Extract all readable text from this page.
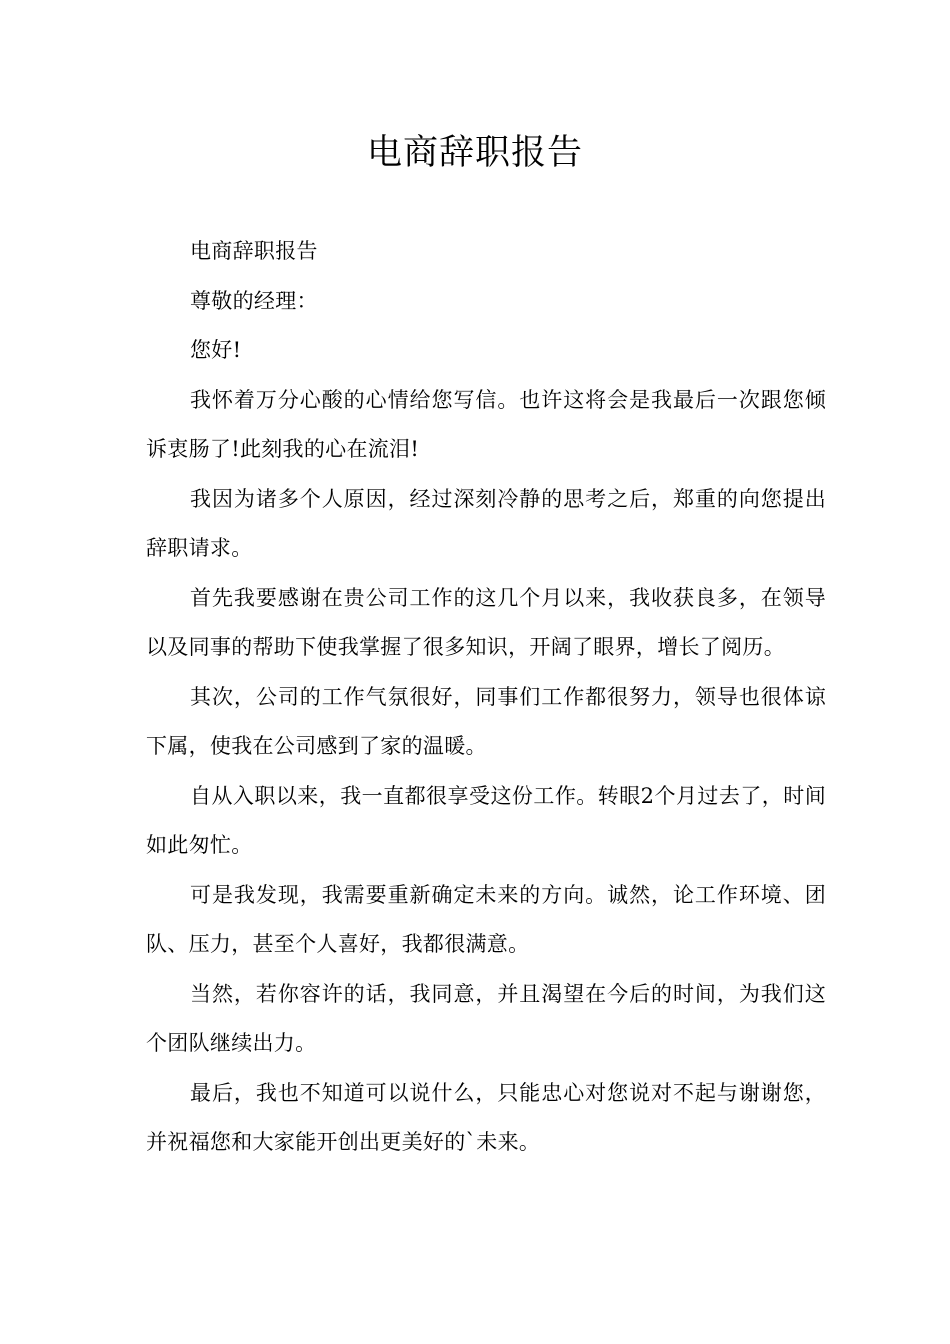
电商辞职报告

电商辞职报告

尊敬的经理：

您好!

我怀着万分心酸的心情给您写信。也许这将会是我最后一次跟您倾诉衷肠了!此刻我的心在流泪!

我因为诸多个人原因，经过深刻冷静的思考之后，郑重的向您提出辞职请求。

首先我要感谢在贵公司工作的这几个月以来，我收获良多，在领导以及同事的帮助下使我掌握了很多知识，开阔了眼界，增长了阅历。

其次，公司的工作气氛很好，同事们工作都很努力，领导也很体谅下属，使我在公司感到了家的温暖。

自从入职以来，我一直都很享受这份工作。转眼2个月过去了，时间如此匆忙。

可是我发现，我需要重新确定未来的方向。诚然，论工作环境、团队、压力，甚至个人喜好，我都很满意。

当然，若你容许的话，我同意，并且渴望在今后的时间，为我们这个团队继续出力。

最后，我也不知道可以说什么，只能忠心对您说对不起与谢谢您，并祝福您和大家能开创出更美好的`未来。
